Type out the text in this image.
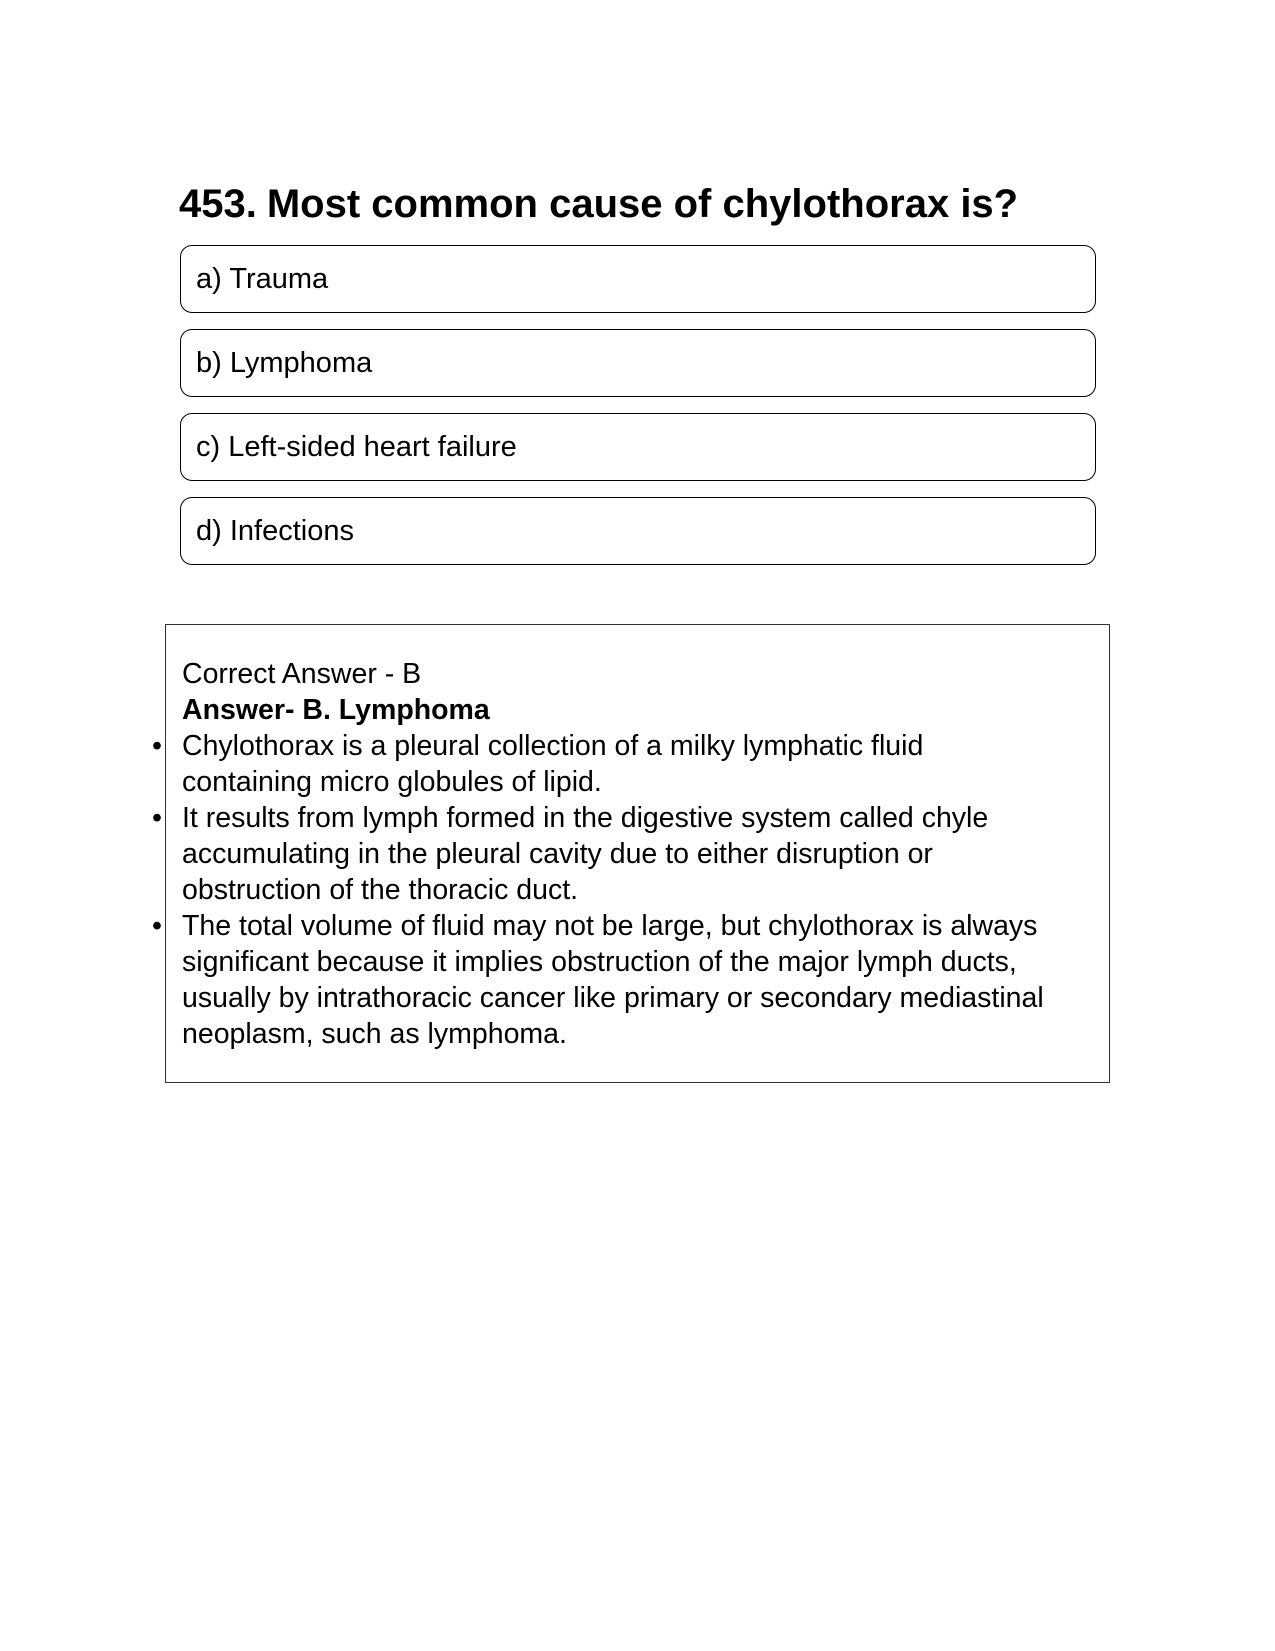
453. Most common cause of chylothorax is?
a) Trauma
b) Lymphoma
c) Left-sided heart failure
d) Infections
Correct Answer - B
Answer- B. Lymphoma
• Chylothorax is a pleural collection of a milky lymphatic fluid
containing micro globules of lipid.
• It results from lymph formed in the digestive system called chyle
accumulating in the pleural cavity due to either disruption or
obstruction of the thoracic duct.
• The total volume of fluid may not be large, but chylothorax is always
significant because it implies obstruction of the major lymph ducts,
usually by intrathoracic cancer like primary or secondary mediastinal
neoplasm, such as lymphoma.
